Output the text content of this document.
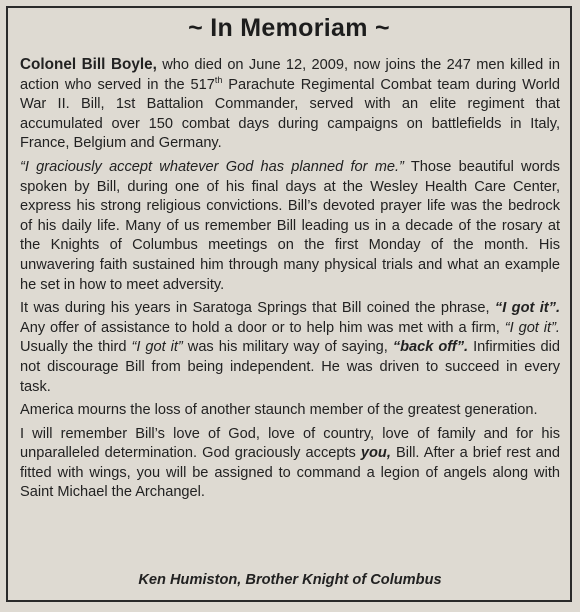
~ In Memoriam ~

Colonel Bill Boyle, who died on June 12, 2009, now joins the 247 men killed in action who served in the 517th Parachute Regimental Combat team during World War II. Bill, 1st Battalion Commander, served with an elite regiment that accumulated over 150 combat days during campaigns on battlefields in Italy, France, Belgium and Germany.

“I graciously accept whatever God has planned for me.” Those beautiful words spoken by Bill, during one of his final days at the Wesley Health Care Center, express his strong religious convictions. Bill’s devoted prayer life was the bedrock of his daily life. Many of us remember Bill leading us in a decade of the rosary at the Knights of Columbus meetings on the first Monday of the month. His unwavering faith sustained him through many physical trials and what an example he set in how to meet adversity.

It was during his years in Saratoga Springs that Bill coined the phrase, “I got it”. Any offer of assistance to hold a door or to help him was met with a firm, “I got it”. Usually the third “I got it” was his military way of saying, “back off”. Infirmities did not discourage Bill from being independent. He was driven to succeed in every task.

America mourns the loss of another staunch member of the greatest generation.

I will remember Bill’s love of God, love of country, love of family and for his unparalleled determination. God graciously accepts you, Bill. After a brief rest and fitted with wings, you will be assigned to command a legion of angels along with Saint Michael the Archangel.

Ken Humiston, Brother Knight of Columbus
